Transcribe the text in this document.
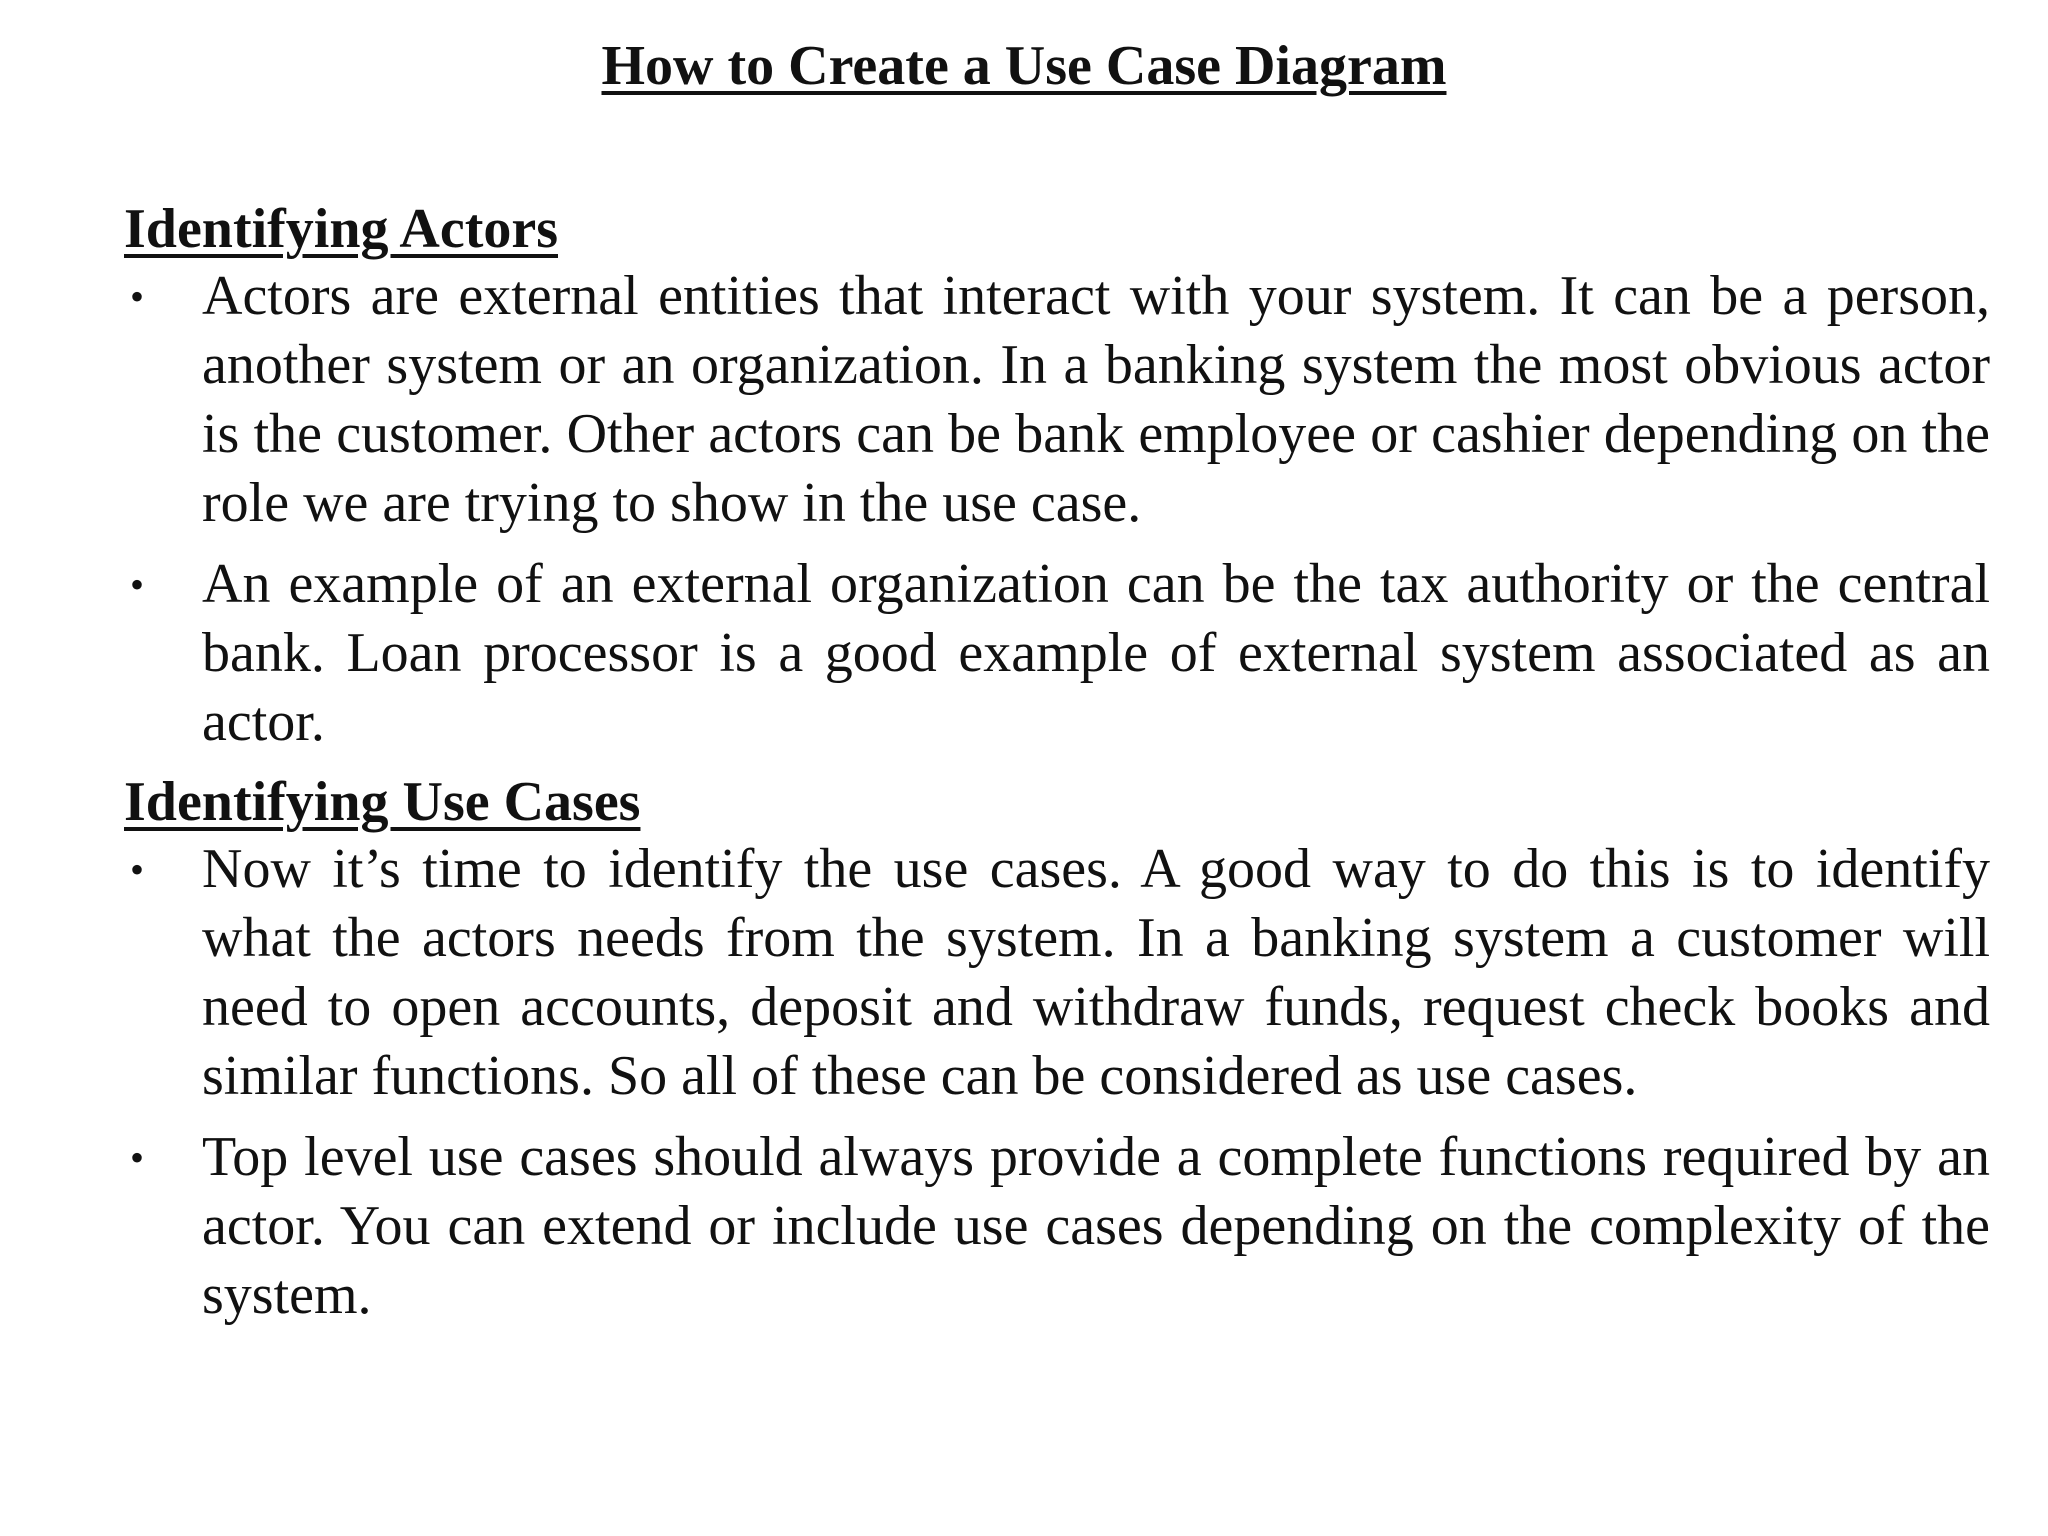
How to Create a Use Case Diagram
Identifying Actors
• Actors are external entities that interact with your system. It can be a person, another system or an organization. In a banking system the most obvious actor is the customer. Other actors can be bank employee or cashier depending on the role we are trying to show in the use case.
• An example of an external organization can be the tax authority or the central bank. Loan processor is a good example of external system associated as an actor.
Identifying Use Cases
• Now it’s time to identify the use cases. A good way to do this is to identify what the actors needs from the system. In a banking system a customer will need to open accounts, deposit and withdraw funds, request check books and similar functions. So all of these can be considered as use cases.
• Top level use cases should always provide a complete functions required by an actor. You can extend or include use cases depending on the complexity of the system.
